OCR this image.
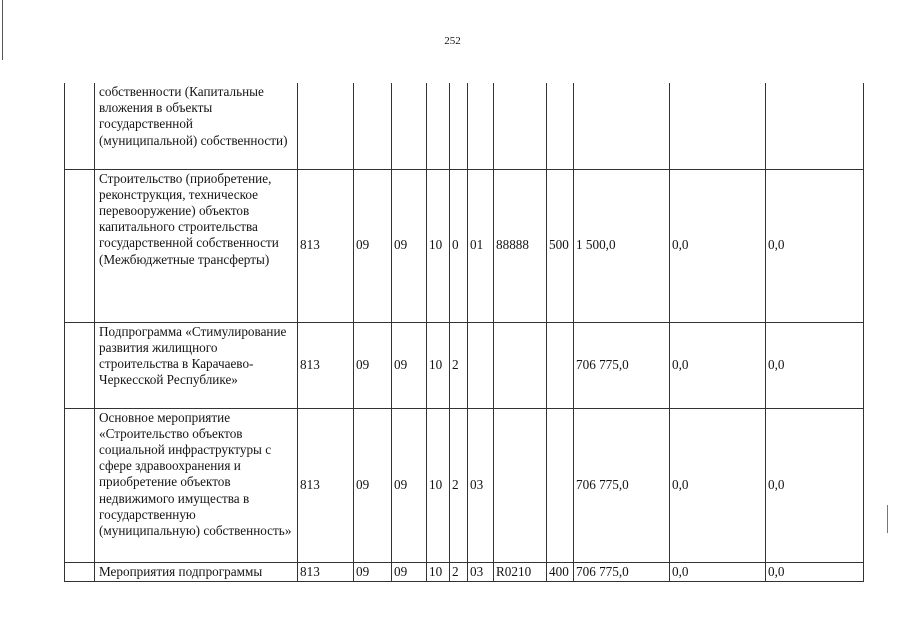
252
	собственности (Капитальные вложения в объекты государственной (муниципальной) собственности)											
	Строительство (приобретение, реконструкция, техническое перевооружение) объектов капитального строительства государственной собственности (Межбюджетные трансферты)	813	09	09	10	0	01	88888	500	1 500,0	0,0	0,0
	Подпрограмма «Стимулирование развития жилищного строительства в Карачаево-Черкесской Республике»	813	09	09	10	2				706 775,0	0,0	0,0
	Основное мероприятие «Строительство объектов социальной инфраструктуры с сфере здравоохранения и приобретение объектов недвижимого имущества в государственную (муниципальную) собственность»	813	09	09	10	2	03			706 775,0	0,0	0,0
	Мероприятия подпрограммы	813	09	09	10	2	03	R0210	400	706 775,0	0,0	0,0
